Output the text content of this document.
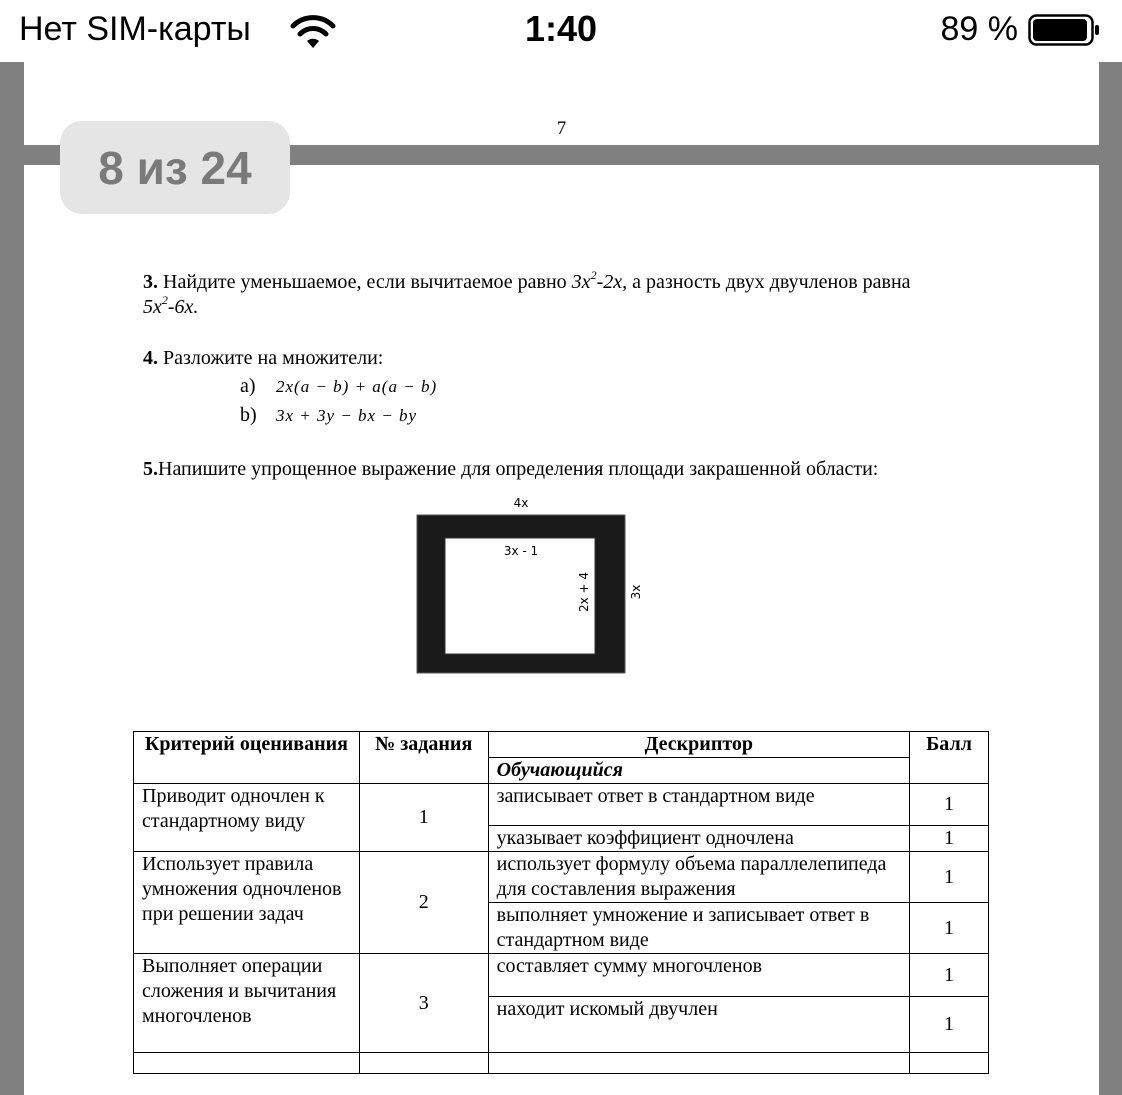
Нет SIM-карты	1:40	89 %
7
8 из 24
3. Найдите уменьшаемое, если вычитаемое равно $3x^2-2x$, а разность двух двучленов равна
$5x^2-6x$.
4. Разложите на множители:
a) 2x(a − b) + a(a − b)
b) 3x + 3y − bx − by
5.Напишите упрощенное выражение для определения площади закрашенной области:
4x
3x - 1
2x + 4	3x
Критерий оценивания	№ задания	Дескриптор	Балл
		Обучающийся	
Приводит одночлен к стандартному виду	1	записывает ответ в стандартном виде	1
		указывает коэффициент одночлена	1
Использует правила умножения одночленов при решении задач	2	использует формулу объема параллелепипеда для составления выражения	1
		выполняет умножение и записывает ответ в стандартном виде	1
Выполняет операции сложения и вычитания многочленов	3	составляет сумму многочленов	1
		находит искомый двучлен	1
